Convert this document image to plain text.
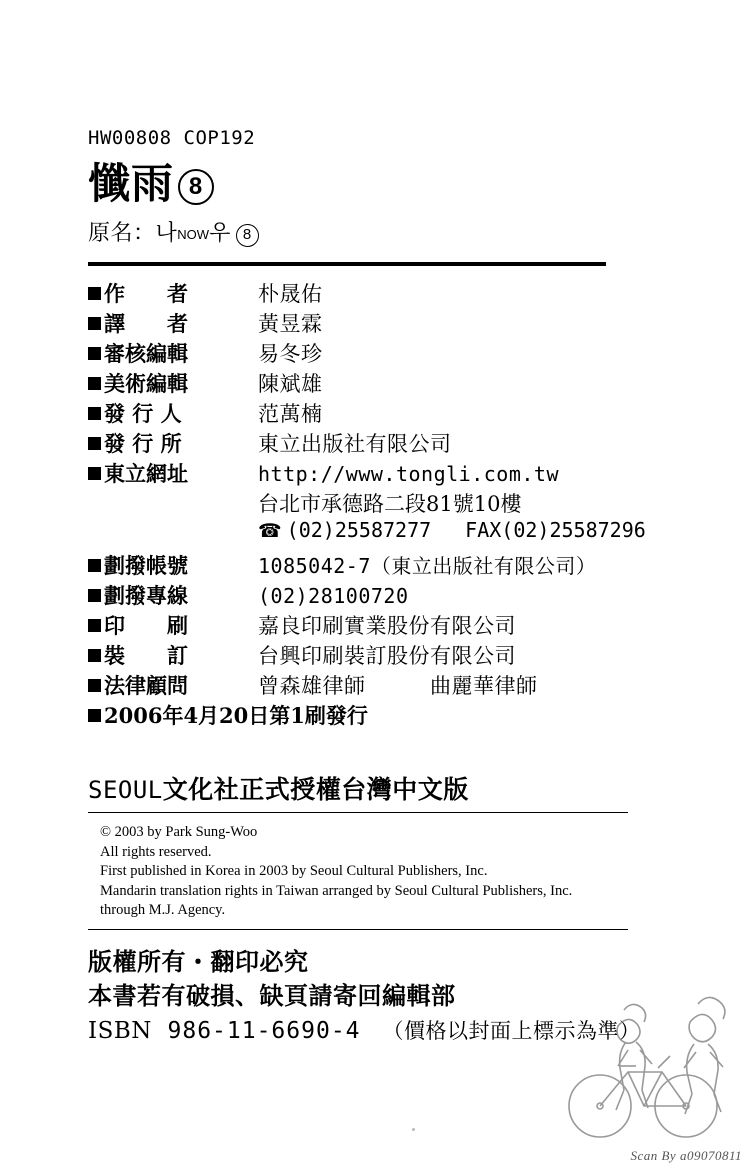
HW00808 COP192
懺雨 8
原名：나NOW우 8
作　　者	朴晟佑
譯　　者	黃昱霖
審核編輯	易冬珍
美術編輯	陳斌雄
發 行 人	范萬楠
發 行 所	東立出版社有限公司
東立網址	http://www.tongli.com.tw
台北市承德路二段81號10樓
☎ (02)25587277 FAX (02)25587296
劃撥帳號	1085042-7（東立出版社有限公司）
劃撥專線	(02)28100720
印　　刷	嘉良印刷實業股份有限公司
裝　　訂	台興印刷裝訂股份有限公司
法律顧問	曾森雄律師　　　曲麗華律師
2006年4月20日第1刷發行
SEOUL文化社正式授權台灣中文版
© 2003 by Park Sung-Woo
All rights reserved.
First published in Korea in 2003 by Seoul Cultural Publishers, Inc.
Mandarin translation rights in Taiwan arranged by Seoul Cultural Publishers, Inc.
through M.J. Agency.
版權所有・翻印必究
本書若有破損、缺頁請寄回編輯部
ISBN 986-11-6690-4 （價格以封面上標示為準）
Scan By a09070811
